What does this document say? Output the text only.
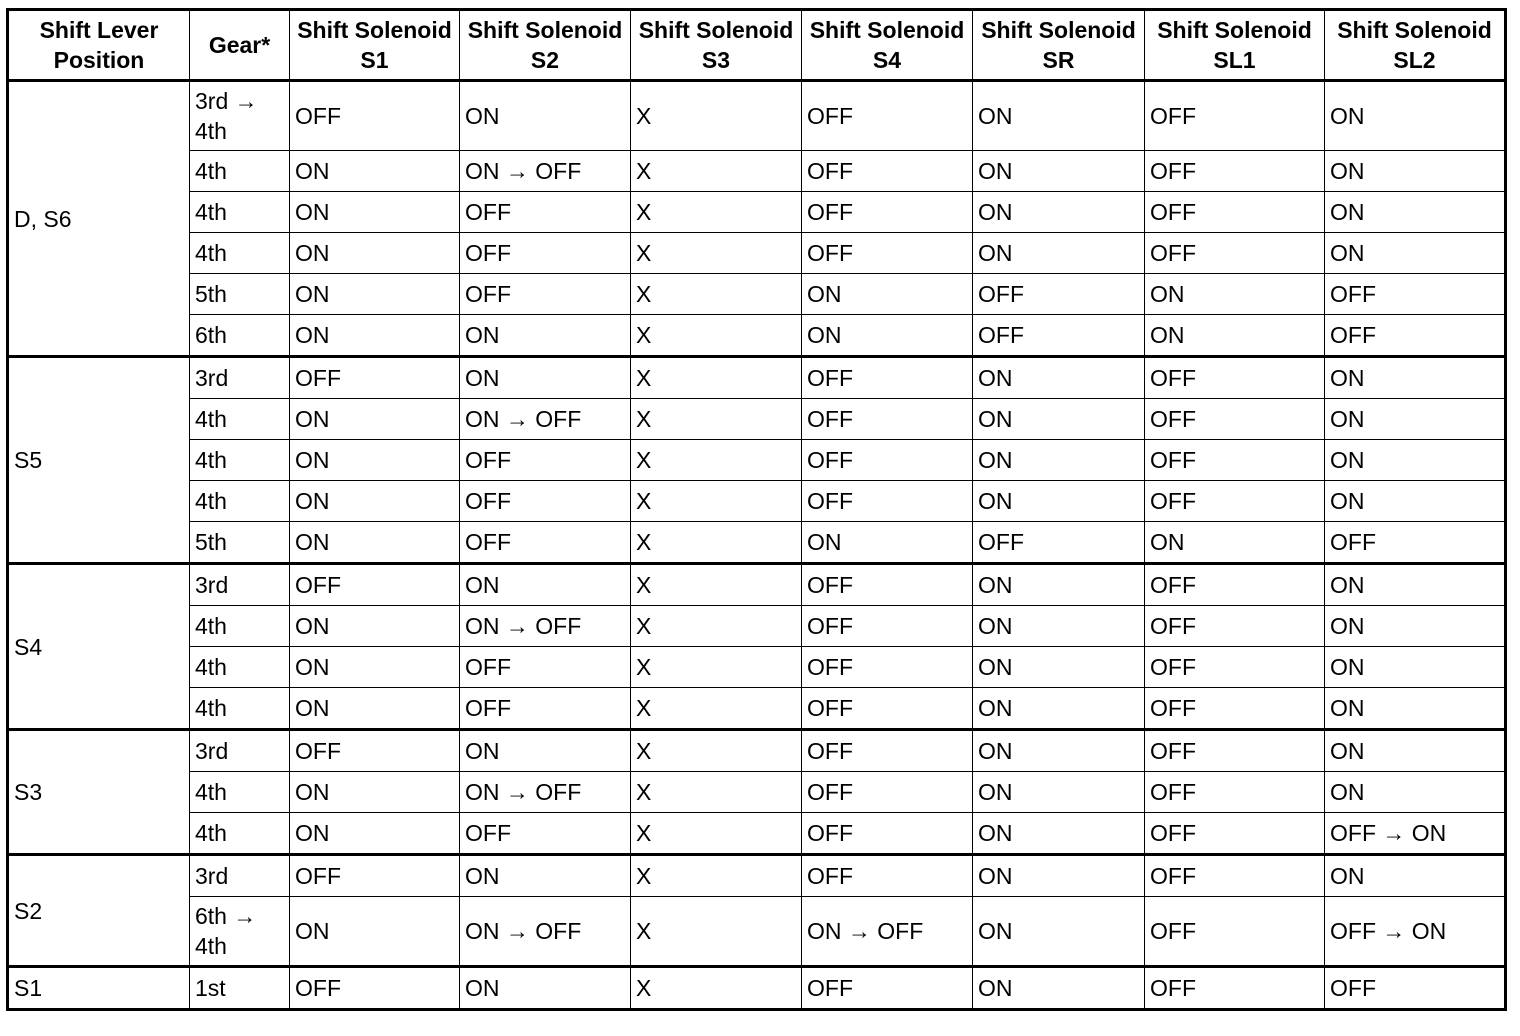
Shift Lever Position	Gear*	Shift Solenoid S1	Shift Solenoid S2	Shift Solenoid S3	Shift Solenoid S4	Shift Solenoid SR	Shift Solenoid SL1	Shift Solenoid SL2
D, S6	3rd → 4th	OFF	ON	X	OFF	ON	OFF	ON
	4th	ON	ON → OFF	X	OFF	ON	OFF	ON
	4th	ON	OFF	X	OFF	ON	OFF	ON
	4th	ON	OFF	X	OFF	ON	OFF	ON
	5th	ON	OFF	X	ON	OFF	ON	OFF
	6th	ON	ON	X	ON	OFF	ON	OFF
S5	3rd	OFF	ON	X	OFF	ON	OFF	ON
	4th	ON	ON → OFF	X	OFF	ON	OFF	ON
	4th	ON	OFF	X	OFF	ON	OFF	ON
	4th	ON	OFF	X	OFF	ON	OFF	ON
	5th	ON	OFF	X	ON	OFF	ON	OFF
S4	3rd	OFF	ON	X	OFF	ON	OFF	ON
	4th	ON	ON → OFF	X	OFF	ON	OFF	ON
	4th	ON	OFF	X	OFF	ON	OFF	ON
	4th	ON	OFF	X	OFF	ON	OFF	ON
S3	3rd	OFF	ON	X	OFF	ON	OFF	ON
	4th	ON	ON → OFF	X	OFF	ON	OFF	ON
	4th	ON	OFF	X	OFF	ON	OFF	OFF → ON
S2	3rd	OFF	ON	X	OFF	ON	OFF	ON
	6th → 4th	ON	ON → OFF	X	ON → OFF	ON	OFF	OFF → ON
S1	1st	OFF	ON	X	OFF	ON	OFF	OFF
